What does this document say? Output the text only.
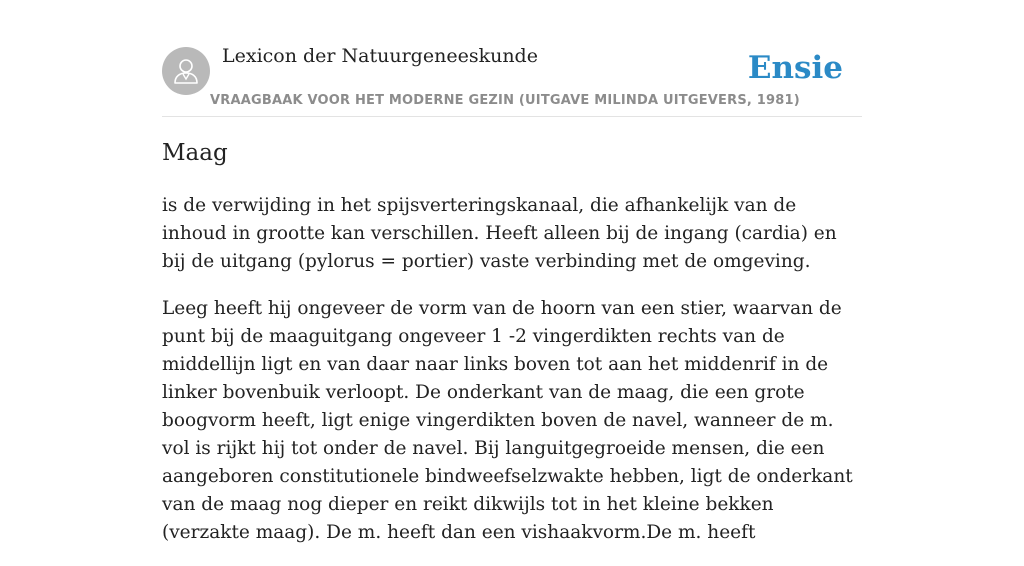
Lexicon der Natuurgeneeskunde
VRAAGBAAK VOOR HET MODERNE GEZIN (UITGAVE MILINDA UITGEVERS, 1981)
Ensie
Maag

is de verwijding in het spijsverteringskanaal, die afhankelijk van de inhoud in grootte kan verschillen. Heeft alleen bij de ingang (cardia) en bij de uitgang (pylorus = portier) vaste verbinding met de omgeving.

Leeg heeft hij ongeveer de vorm van de hoorn van een stier, waarvan de punt bij de maaguitgang ongeveer 1 -2 vingerdikten rechts van de middellijn ligt en van daar naar links boven tot aan het middenrif in de linker bovenbuik verloopt. De onderkant van de maag, die een grote boogvorm heeft, ligt enige vingerdikten boven de navel, wanneer de m. vol is rijkt hij tot onder de navel. Bij languitgegroeide mensen, die een aangeboren constitutionele bindweefselzwakte hebben, ligt de onderkant van de maag nog dieper en reikt dikwijls tot in het kleine bekken (verzakte maag). De m. heeft dan een vishaakvorm.De m. heeft
